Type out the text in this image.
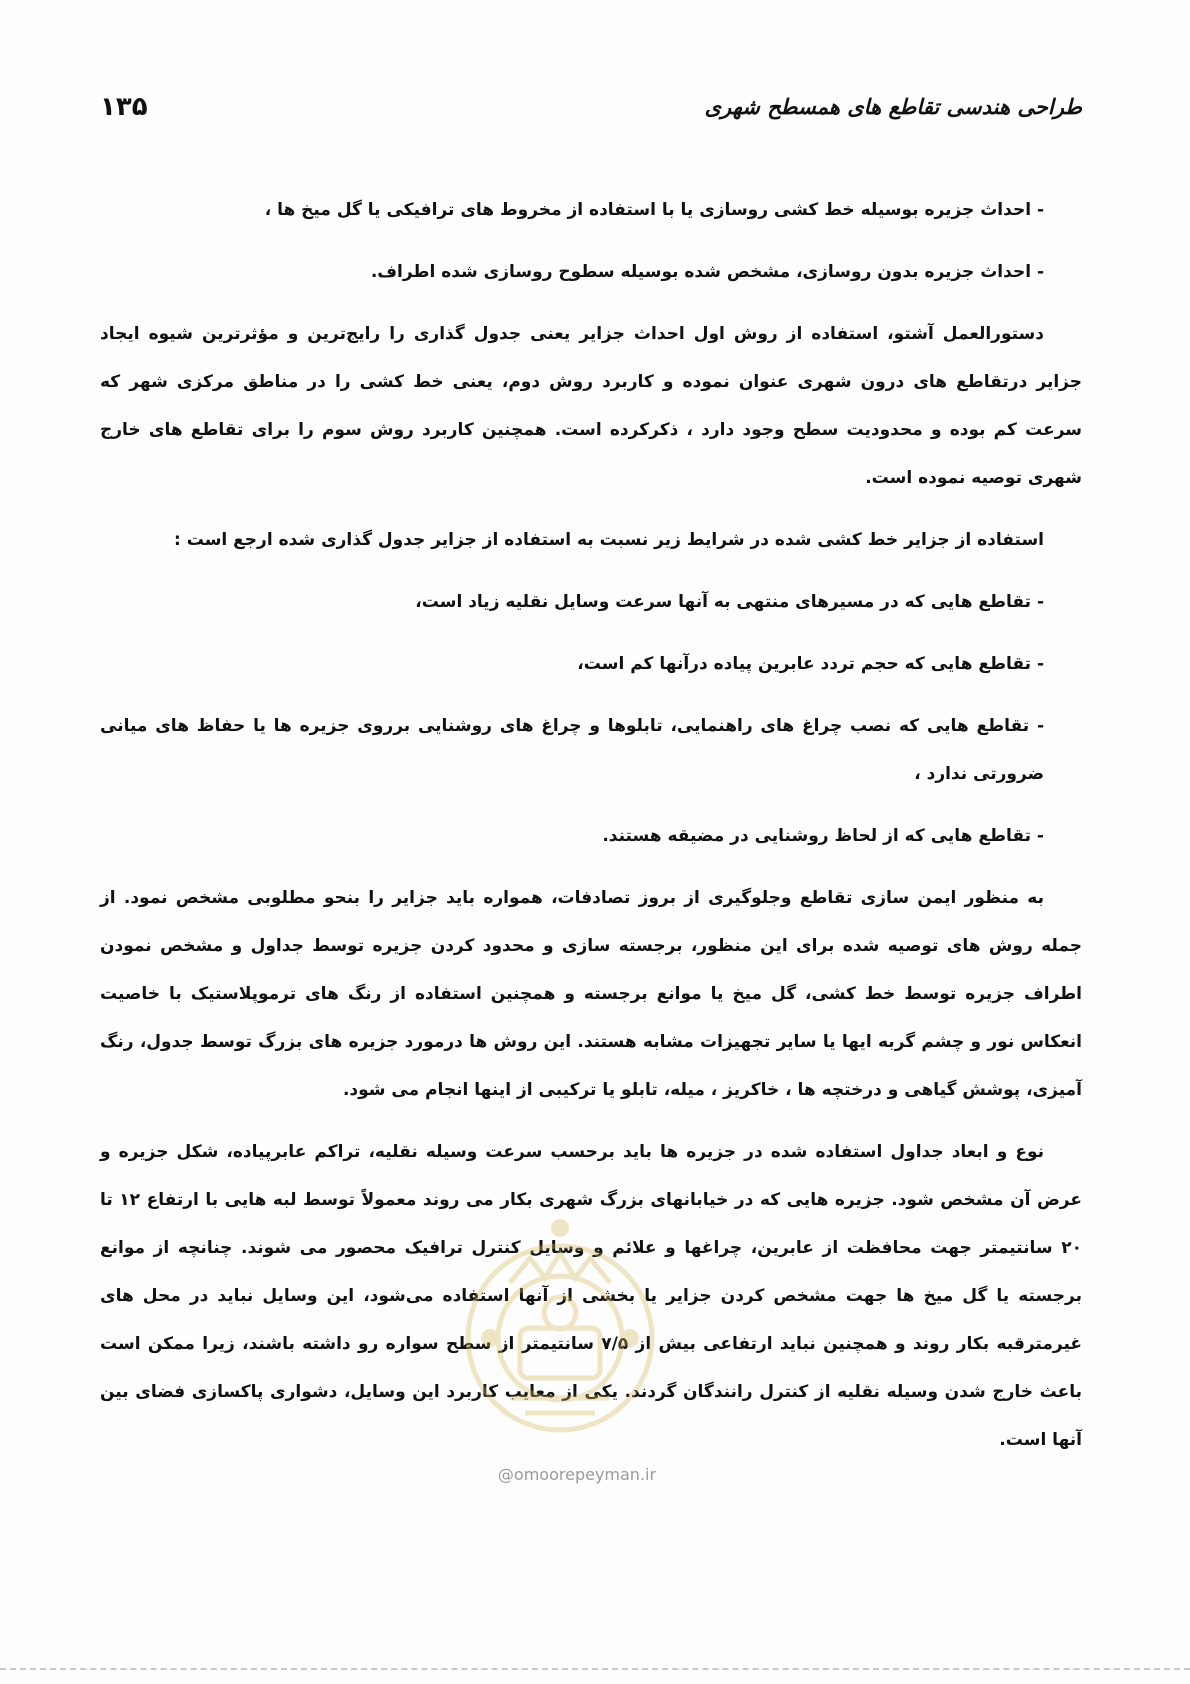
۱۳۵	طراحی هندسی تقاطع های همسطح شهری

- احداث جزیره بوسیله خط کشی روسازی یا با استفاده از مخروط های ترافیکی یا گل میخ ها ،

- احداث جزیره بدون روسازی، مشخص شده بوسیله سطوح روسازی شده اطراف.

دستورالعمل آشتو، استفاده از روش اول احداث جزایر یعنی جدول گذاری را رایج‌ترین و مؤثرترین شیوه ایجاد جزایر درتقاطع های درون شهری عنوان نموده و کاربرد روش دوم، یعنی خط کشی را در مناطق مرکزی شهر که سرعت کم بوده و محدودیت سطح وجود دارد ، ذکرکرده است. همچنین کاربرد روش سوم را برای تقاطع های خارج شهری توصیه نموده است.

استفاده از جزایر خط کشی شده در شرایط زیر نسبت به استفاده از جزایر جدول گذاری شده ارجع است :

- تقاطع هایی که در مسیرهای منتهی به آنها سرعت وسایل نقلیه زیاد است،

- تقاطع هایی که حجم تردد عابرین پیاده درآنها کم است،

- تقاطع هایی که نصب چراغ های راهنمایی، تابلوها و چراغ های روشنایی برروی جزیره ها یا حفاظ های میانی ضرورتی ندارد ،

- تقاطع هایی که از لحاظ روشنایی در مضیقه هستند.

به منظور ایمن سازی تقاطع وجلوگیری از بروز تصادفات، همواره باید جزایر را بنحو مطلوبی مشخص نمود. از جمله روش های توصیه شده برای این منظور، برجسته سازی و محدود کردن جزیره توسط جداول و مشخص نمودن اطراف جزیره توسط خط کشی، گل میخ یا موانع برجسته و همچنین استفاده از رنگ های ترموپلاستیک با خاصیت انعکاس نور و چشم گربه ایها یا سایر تجهیزات مشابه هستند. این روش ها درمورد جزیره های بزرگ توسط جدول، رنگ آمیزی، پوشش گیاهی و درختچه ها ، خاکریز ، میله، تابلو یا ترکیبی از اینها انجام می شود.

نوع و ابعاد جداول استفاده شده در جزیره ها باید برحسب سرعت وسیله نقلیه، تراکم عابرپیاده، شکل جزیره و عرض آن مشخص شود. جزیره هایی که در خیابانهای بزرگ شهری بکار می روند معمولاً توسط لبه هایی با ارتفاع ۱۲ تا ۲۰ سانتیمتر جهت محافظت از عابرین، چراغها و علائم و وسایل کنترل ترافیک محصور می شوند. چنانچه از موانع برجسته یا گل میخ ها جهت مشخص کردن جزایر یا بخشی از آنها استفاده می‌شود، این وسایل نباید در محل های غیرمترقبه بکار روند و همچنین نباید ارتفاعی بیش از ۷/۵ سانتیمتر از سطح سواره رو داشته باشند، زیرا ممکن است باعث خارج شدن وسیله نقلیه از کنترل رانندگان گردند. یکی از معایب کاربرد این وسایل، دشواری پاکسازی فضای بین آنها است.

@omoorepeyman.ir
